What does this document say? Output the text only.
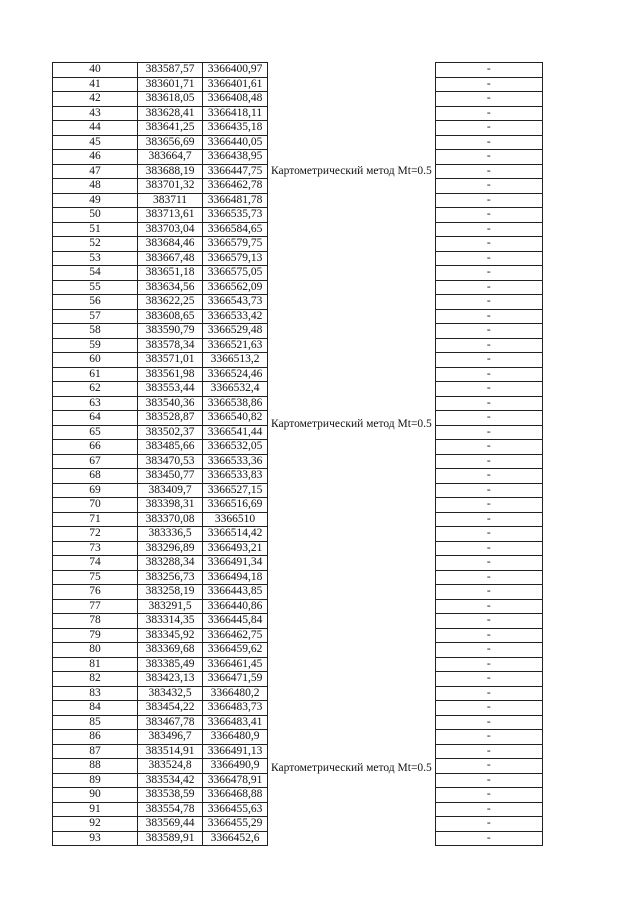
40	383587,57	3366400,97	Картометрический метод Mt=0.5	-
41	383601,71	3366401,61		-
42	383618,05	3366408,48		-
43	383628,41	3366418,11		-
44	383641,25	3366435,18		-
45	383656,69	3366440,05		-
46	383664,7	3366438,95		-
47	383688,19	3366447,75		-
48	383701,32	3366462,78		-
49	383711	3366481,78		-
50	383713,61	3366535,73		-
51	383703,04	3366584,65		-
52	383684,46	3366579,75		-
53	383667,48	3366579,13		-
54	383651,18	3366575,05		-
55	383634,56	3366562,09	Картометрический метод Mt=0.5	-
56	383622,25	3366543,73		-
57	383608,65	3366533,42		-
58	383590,79	3366529,48		-
59	383578,34	3366521,63		-
60	383571,01	3366513,2		-
61	383561,98	3366524,46		-
62	383553,44	3366532,4		-
63	383540,36	3366538,86		-
64	383528,87	3366540,82		-
65	383502,37	3366541,44		-
66	383485,66	3366532,05		-
67	383470,53	3366533,36		-
68	383450,77	3366533,83		-
69	383409,7	3366527,15		-
70	383398,31	3366516,69		-
71	383370,08	3366510		-
72	383336,5	3366514,42		-
73	383296,89	3366493,21		-
74	383288,34	3366491,34		-
75	383256,73	3366494,18	Картометрический метод Mt=0.5	-
76	383258,19	3366443,85		-
77	383291,5	3366440,86		-
78	383314,35	3366445,84		-
79	383345,92	3366462,75		-
80	383369,68	3366459,62		-
81	383385,49	3366461,45		-
82	383423,13	3366471,59		-
83	383432,5	3366480,2		-
84	383454,22	3366483,73		-
85	383467,78	3366483,41		-
86	383496,7	3366480,9		-
87	383514,91	3366491,13		-
88	383524,8	3366490,9		-
89	383534,42	3366478,91		-
90	383538,59	3366468,88		-
91	383554,78	3366455,63		-
92	383569,44	3366455,29		-
93	383589,91	3366452,6		-
